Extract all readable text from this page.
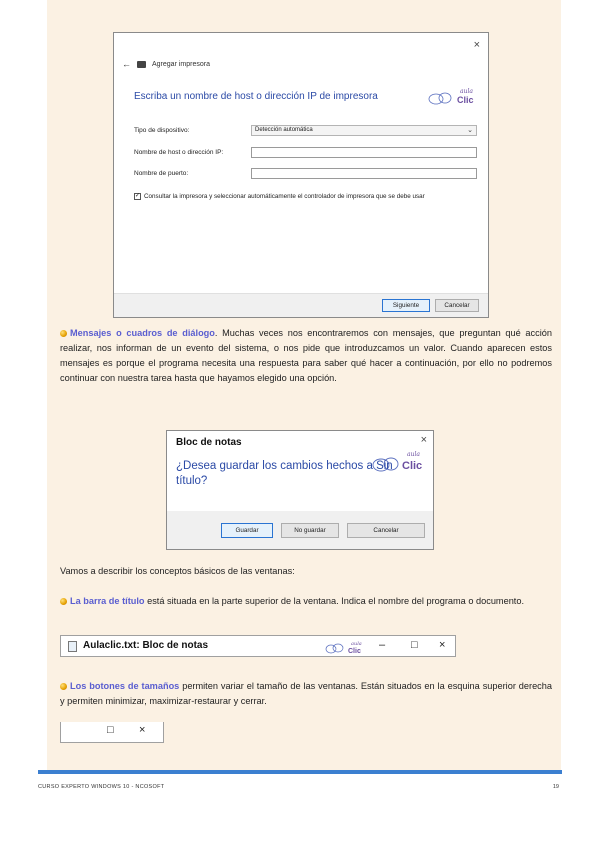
×
←	Agregar impresora
Escriba un nombre de host o dirección IP de impresora	aula
Clic
Tipo de dispositivo:	Detección automática	⌄
Nombre de host o dirección IP:
Nombre de puerto:
✓ Consultar la impresora y seleccionar automáticamente el controlador de impresora que se debe usar
Siguiente	Cancelar
Mensajes o cuadros de diálogo. Muchas veces nos encontraremos con mensajes, que preguntan qué acción realizar, nos informan de un evento del sistema, o nos pide que introduzcamos un valor. Cuando aparecen estos mensajes es porque el programa necesita una respuesta para saber qué hacer a continuación, por ello no podremos continuar con nuestra tarea hasta que hayamos elegido una opción.
Bloc de notas	×
aula
Clic
¿Desea guardar los cambios hechos a Sin título?
Guardar	No guardar	Cancelar
Vamos a describir los conceptos básicos de las ventanas:
La barra de título está situada en la parte superior de la ventana. Indica el nombre del programa o documento.
Aulaclic.txt: Bloc de notas	aula
Clic
– □ ×
Los botones de tamaños permiten variar el tamaño de las ventanas. Están situados en la esquina superior derecha y permiten minimizar, maximizar-restaurar y cerrar.
□ ×
CURSO EXPERTO WINDOWS 10 - NCOSOFT	19
